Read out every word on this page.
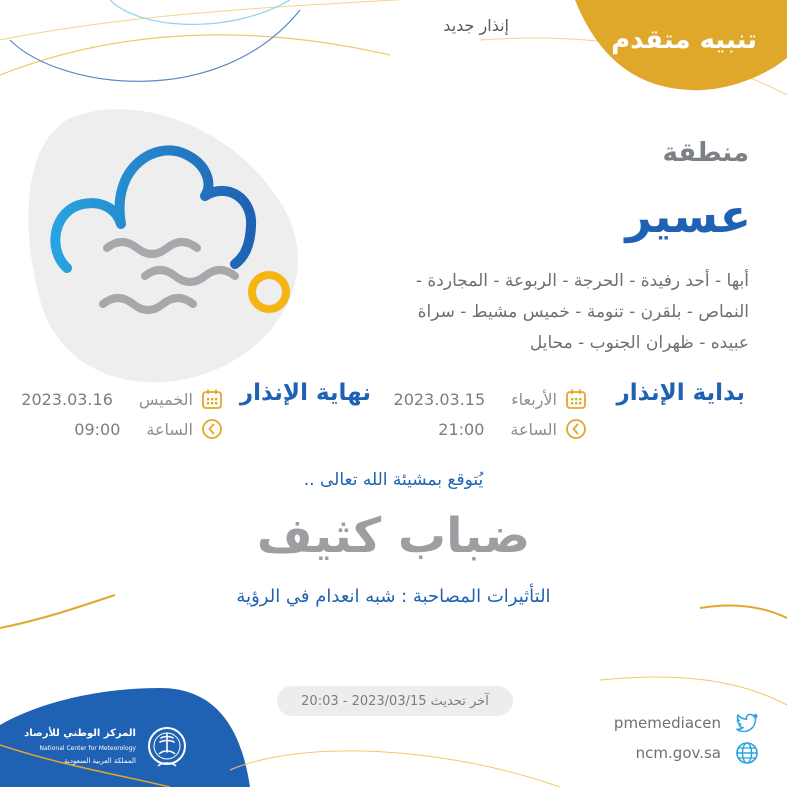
تنبيه متقدم
إنذار جديد
منطقة
عسير
أبها - أحد رفيدة - الحرجة - الربوعة - المجاردة -
النماص - بلقرن - تنومة - خميس مشيط - سراة
عبيده - ظهران الجنوب - محايل
بداية الإنذار
الأربعاء
2023.03.15
الساعة
21:00
نهاية الإنذار
الخميس
2023.03.16
الساعة
09:00
يُتوقع بمشيئة الله تعالى ..
ضباب كثيف
التأثيرات المصاحبة : شبه انعدام في الرؤية
آخر تحديث 2023/03/15 - 20:03
pmemediacen
ncm.gov.sa
المركز الوطني للأرصاد
National Center for Meteorology
المملكة العربية السعودية
